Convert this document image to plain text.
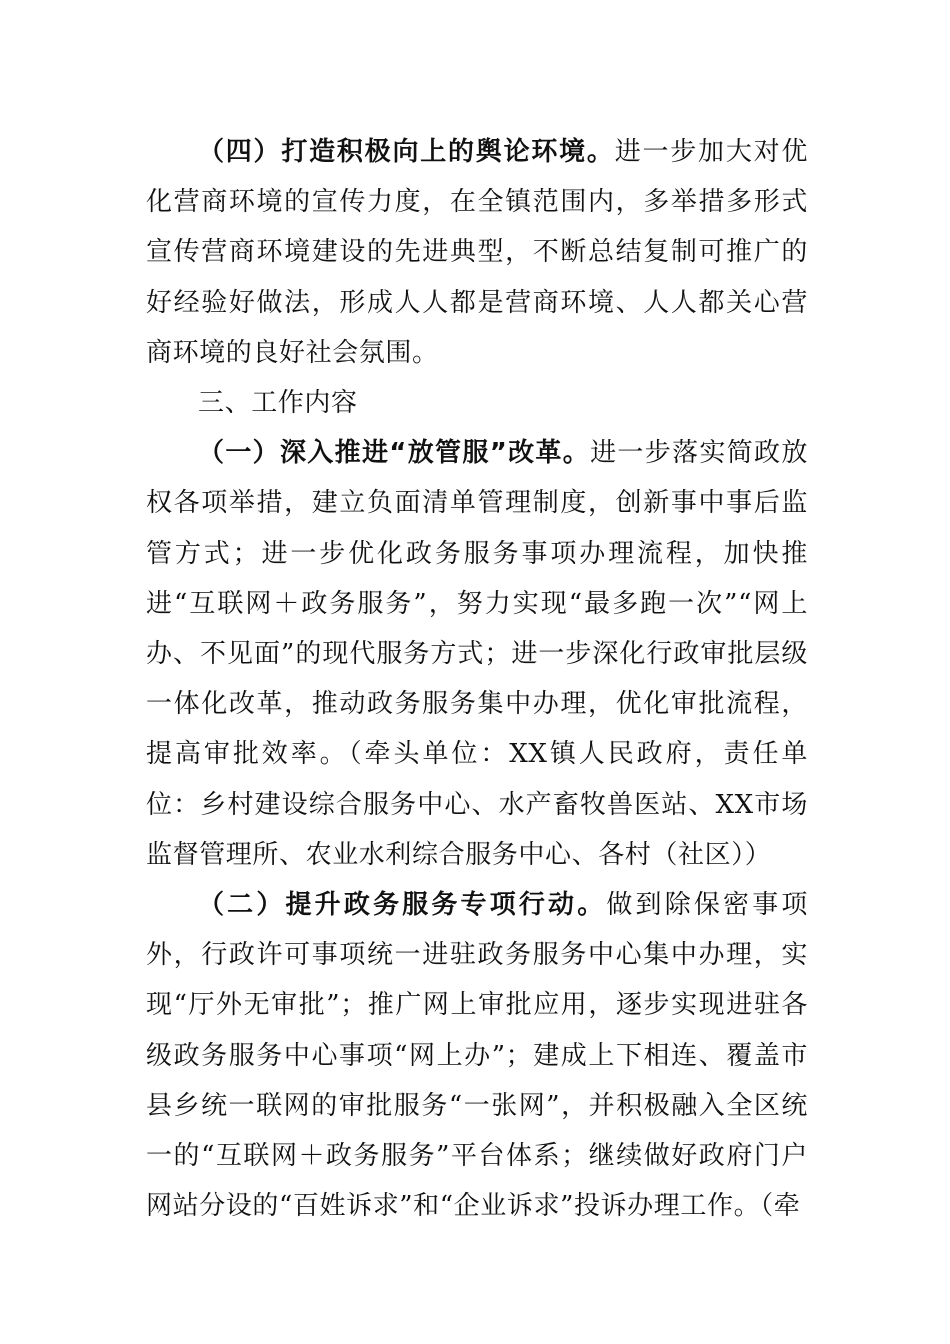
（四）打造积极向上的舆论环境。进一步加大对优化营商环境的宣传力度，在全镇范围内，多举措多形式宣传营商环境建设的先进典型，不断总结复制可推广的好经验好做法，形成人人都是营商环境、人人都关心营商环境的良好社会氛围。

三、工作内容

（一）深入推进“放管服”改革。进一步落实简政放权各项举措，建立负面清单管理制度，创新事中事后监管方式；进一步优化政务服务事项办理流程，加快推进“互联网＋政务服务”，努力实现“最多跑一次”“网上办、不见面”的现代服务方式；进一步深化行政审批层级一体化改革，推动政务服务集中办理，优化审批流程，提高审批效率。（牵头单位：XX镇人民政府，责任单位：乡村建设综合服务中心、水产畜牧兽医站、XX市场监督管理所、农业水利综合服务中心、各村（社区））

（二）提升政务服务专项行动。做到除保密事项外，行政许可事项统一进驻政务服务中心集中办理，实现“厅外无审批”；推广网上审批应用，逐步实现进驻各级政务服务中心事项“网上办”；建成上下相连、覆盖市县乡统一联网的审批服务“一张网”，并积极融入全区统一的“互联网＋政务服务”平台体系；继续做好政府门户网站分设的“百姓诉求”和“企业诉求”投诉办理工作。（牵
